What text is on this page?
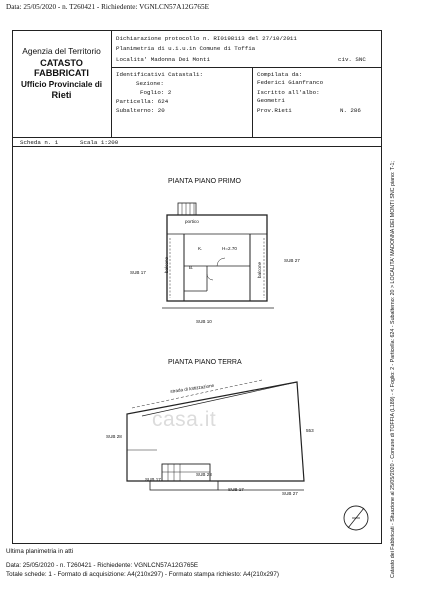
Data: 25/05/2020 - n. T260421 - Richiedente: VGNLCN57A12G765E
Agenzia del Territorio
CATASTO FABBRICATI
Ufficio Provinciale di
Rieti
Dichiarazione protocollo n. RI0198113 del 27/10/2011
Planimetria di u.i.u.in Comune di Toffia
Localita' Madonna Dei Monti	civ. SNC
Identificativi Catastali:
Sezione:
Foglio: 2
Particella: 624
Subalterno: 20
Compilata da:
Federici Gianfranco
Iscritto all'albo:
Geometri
Prov.Rieti	N. 286
Scheda n. 1	Scala 1:200
PIANTA PIANO PRIMO
portico
K.	H=2.70
B.
balcone	balcone
SUB 17
SUB 27
SUB 10
PIANTA PIANO TERRA
strada di lottizzazione
SUB 28
553
SUB 17
SUB 28
SUB 17
SUB 27
casa.it	Catasto dei Fabbricati - Situazione al 25/05/2020 - Comune di TOFFIA (L189) - < Foglio: 2 - Particella: 624 - Subalterno: 20 > LOCALITA' MADONNA DEI MONTI SNC piano: T-1;
Ultima planimetria in atti
Data: 25/05/2020 - n. T260421 - Richiedente: VGNLCN57A12G765E
Totale schede: 1 - Formato di acquisizione: A4(210x297) - Formato stampa richiesto: A4(210x297)
